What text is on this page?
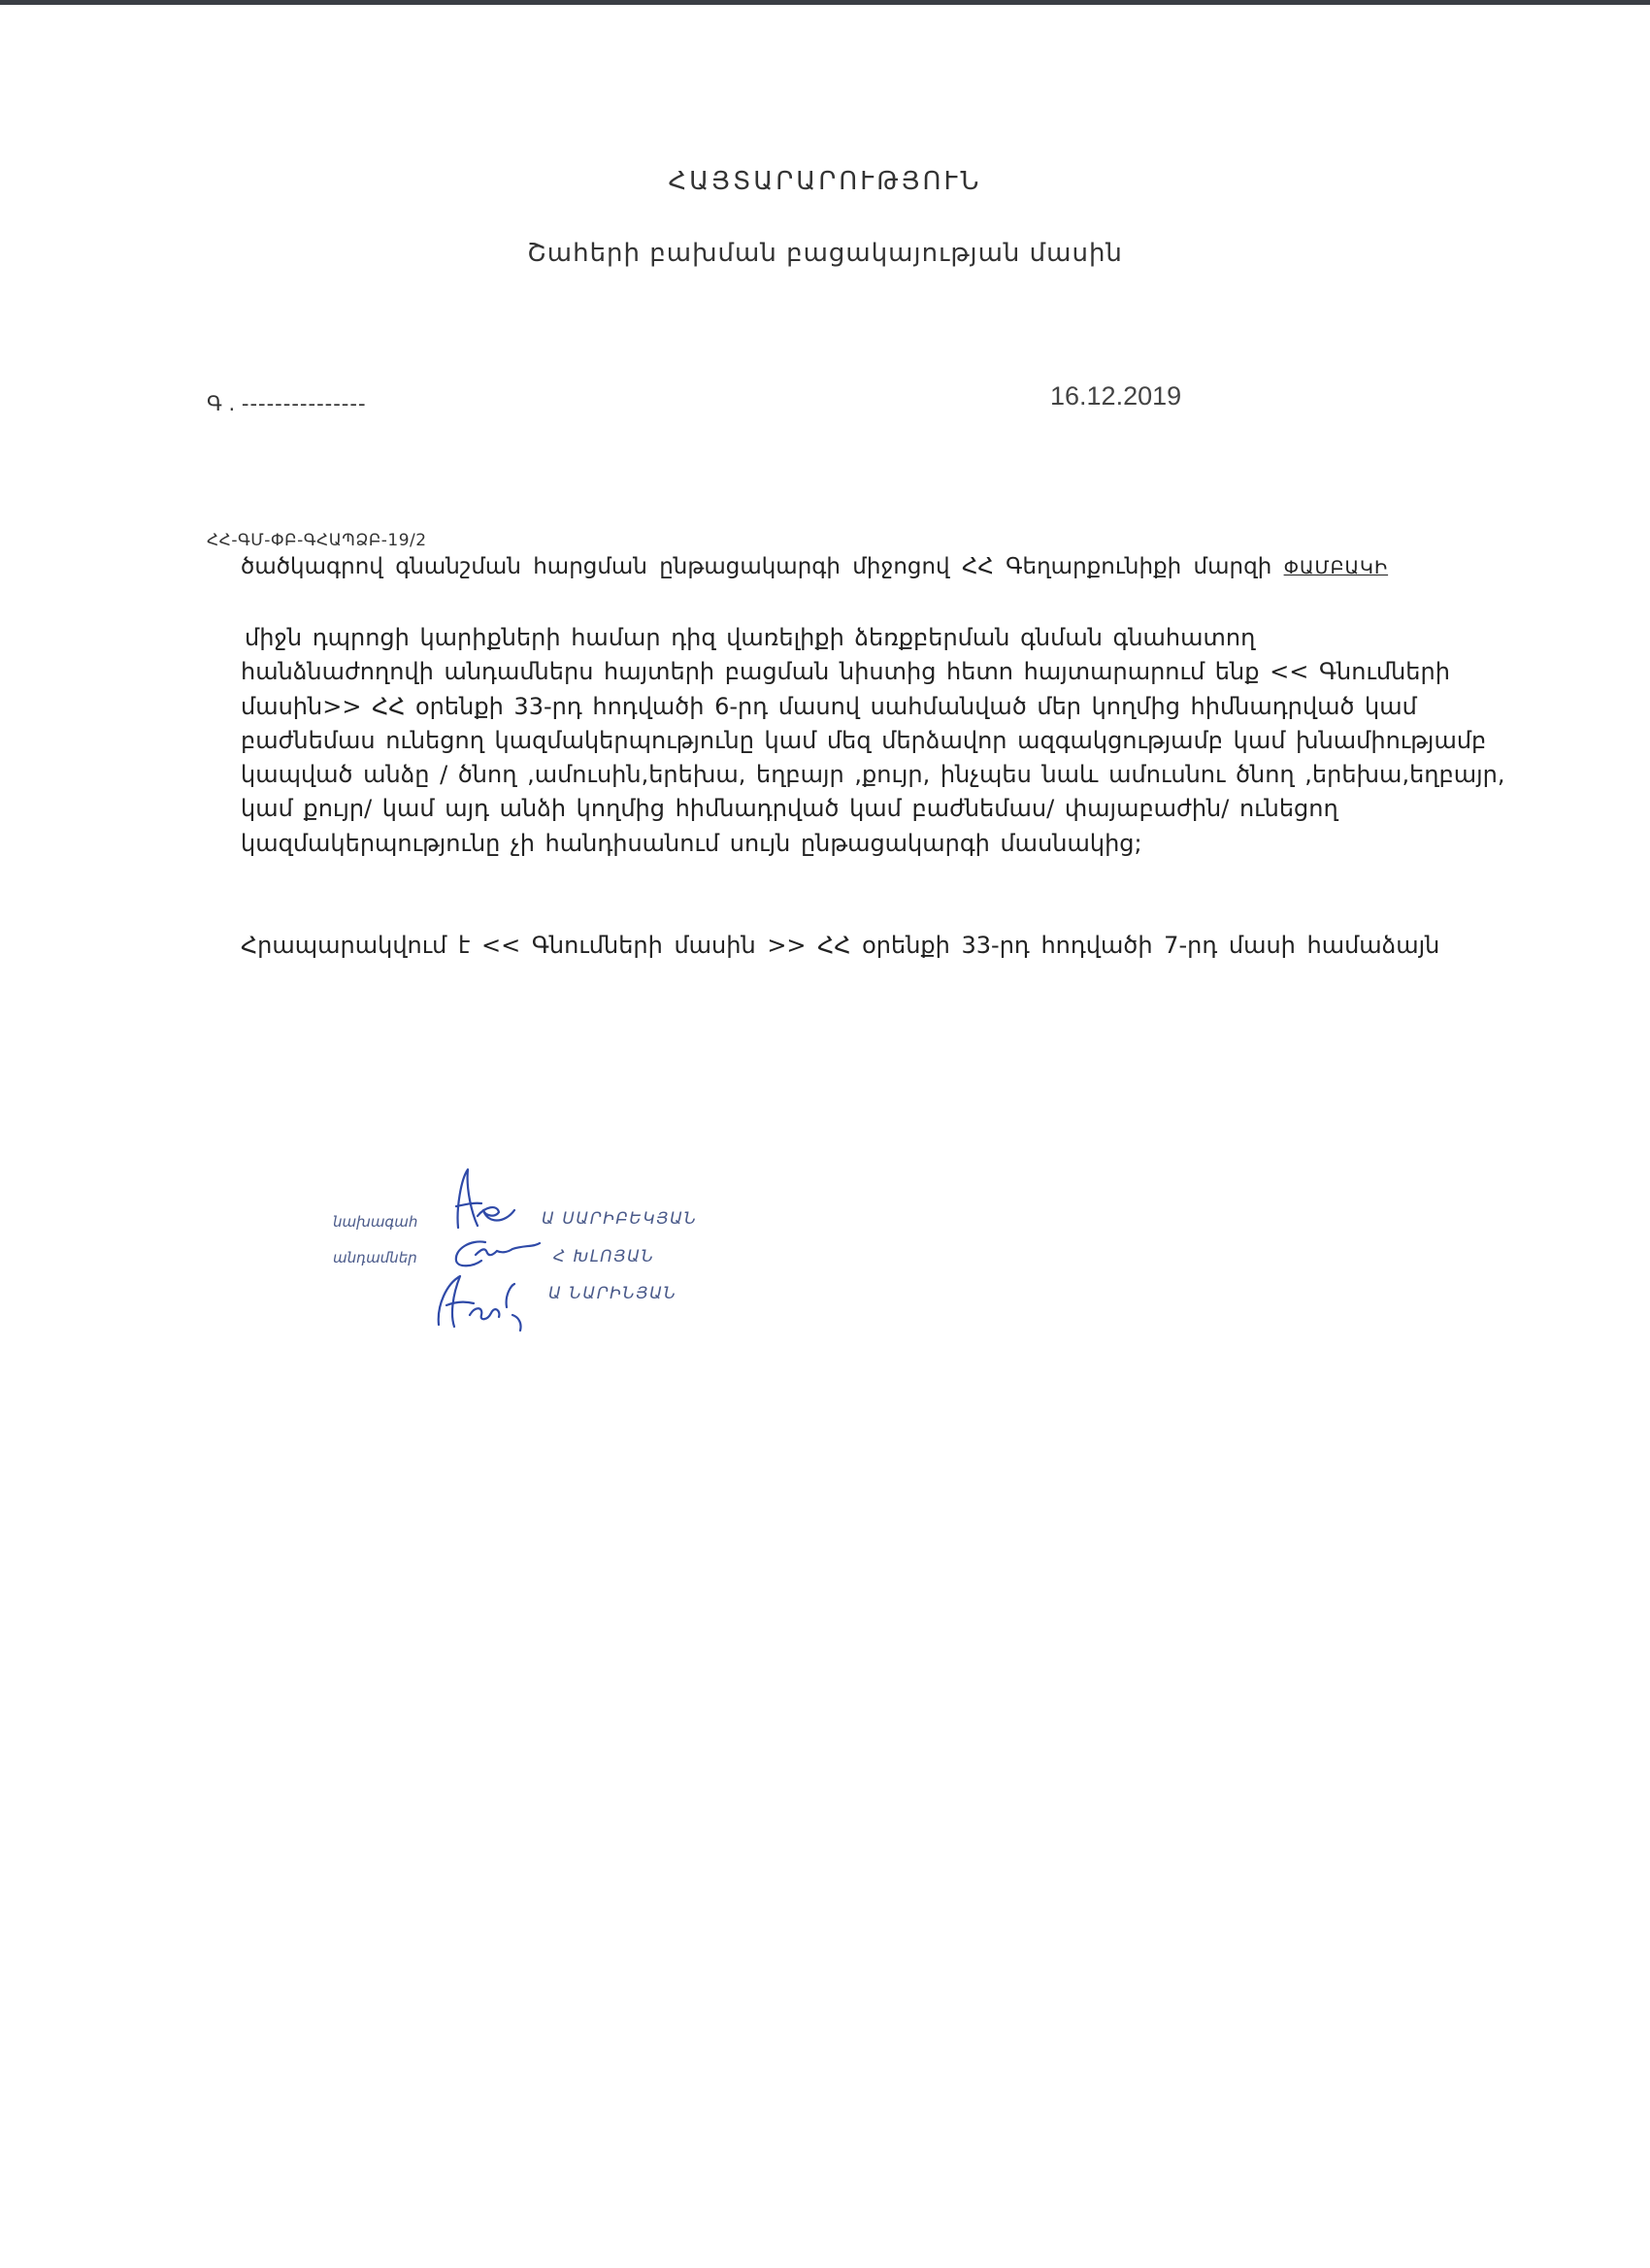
ՀԱՅՏԱՐԱՐՈՒԹՅՈՒՆ
Շահերի բախման բացակայության մասին
Գ . ---------------	16.12.2019
ՀՀ-ԳՄ-ՓԲ-ԳՀԱՊՁԲ-19/2
ծածկագրով գնանշման հարցման ընթացակարգի միջոցով ՀՀ Գեղարքունիքի մարզի ՓԱՄԲԱԿԻ

միջն դպրոցի կարիքների համար դիզ վառելիքի ձեռքբերման գնման գնահատող

հանձնաժողովի անդամներս հայտերի բացման նիստից հետո հայտարարում ենք << Գնումների

մասին>> ՀՀ օրենքի 33-րդ հոդվածի 6-րդ մասով սահմանված մեր կողմից հիմնադրված կամ

բաժնեմաս ունեցող կազմակերպությունը կամ մեզ մերձավոր ազգակցությամբ կամ խնամիությամբ

կապված անձը / ծնող ,ամուսին,երեխա, եղբայր ,քույր, ինչպես նաև ամուսնու ծնող ,երեխա,եղբայր,

կամ քույր/ կամ այդ անձի կողմից հիմնադրված կամ բաժնեմաս/ փայաբաժին/ ունեցող

կազմակերպությունը չի հանդիսանում սույն ընթացակարգի մասնակից;

Հրապարակվում է << Գնումների մասին >> ՀՀ օրենքի 33-րդ հոդվածի 7-րդ մասի համաձայն
նախագահ
անդամներ
Ա ՍԱՐԻԲԵԿՅԱՆ
Հ ԽԼՈՅԱՆ
Ա ՆԱՐԻՆՅԱՆ
